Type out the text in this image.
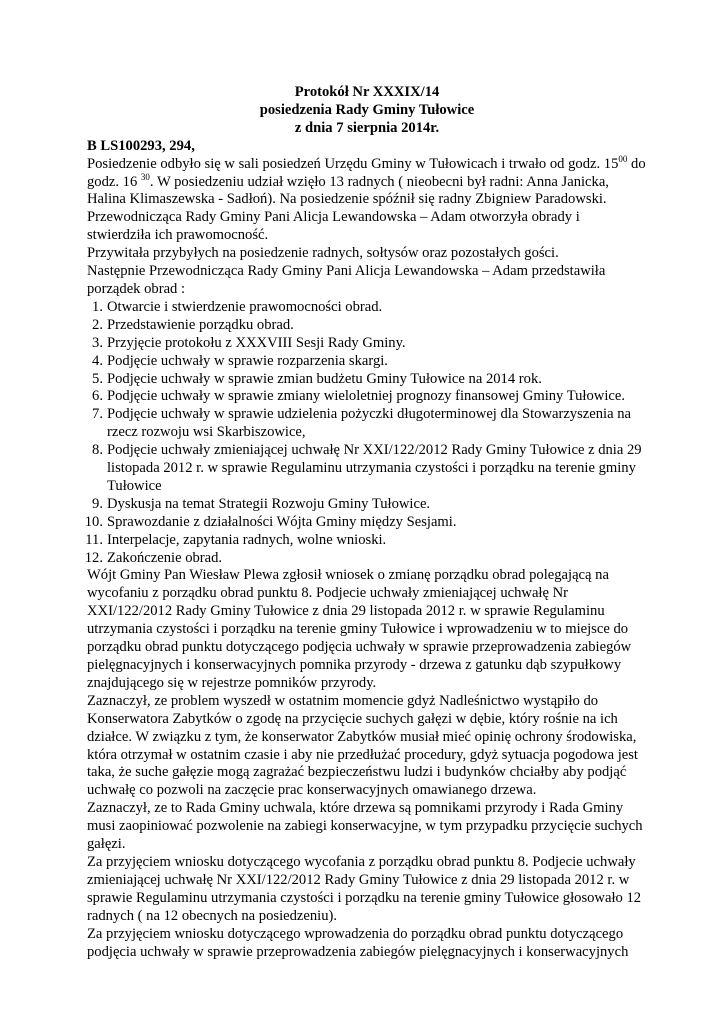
Protokół Nr XXXIX/14

posiedzenia Rady Gminy Tułowice

z dnia 7 sierpnia 2014r.

B LS100293, 294,

Posiedzenie odbyło się w sali posiedzeń Urzędu Gminy w Tułowicach i trwało od godz. $15^{00}$ do godz. 16 $^{30}$. W posiedzeniu udział wzięło 13 radnych ( nieobecni był radni: Anna Janicka, Halina Klimaszewska - Sadłoń). Na posiedzenie spóźnił się radny Zbigniew Paradowski. Przewodnicząca Rady Gminy Pani Alicja Lewandowska – Adam otworzyła obrady i stwierdziła ich prawomocność.

Przywitała przybyłych na posiedzenie radnych, sołtysów oraz pozostałych gości.

Następnie Przewodnicząca Rady Gminy Pani Alicja Lewandowska – Adam przedstawiła porządek obrad :

1. Otwarcie i stwierdzenie prawomocności obrad.
2. Przedstawienie porządku obrad.
3. Przyjęcie protokołu z XXXVIII Sesji Rady Gminy.
4. Podjęcie uchwały w sprawie rozparzenia skargi.
5. Podjęcie uchwały w sprawie zmian budżetu Gminy Tułowice na 2014 rok.
6. Podjęcie uchwały w sprawie zmiany wieloletniej prognozy finansowej Gminy Tułowice.
7. Podjęcie uchwały w sprawie udzielenia pożyczki długoterminowej dla Stowarzyszenia na rzecz rozwoju wsi Skarbiszowice,
8. Podjęcie uchwały zmieniającej uchwałę Nr XXI/122/2012 Rady Gminy Tułowice z dnia 29 listopada 2012 r. w sprawie Regulaminu utrzymania czystości i porządku na terenie gminy Tułowice
9. Dyskusja na temat Strategii Rozwoju Gminy Tułowice.
10. Sprawozdanie z działalności Wójta Gminy między Sesjami.
11. Interpelacje, zapytania radnych, wolne wnioski.
12. Zakończenie obrad.

Wójt Gminy Pan Wiesław Plewa zgłosił wniosek o zmianę porządku obrad polegającą na wycofaniu z porządku obrad punktu 8. Podjecie uchwały zmieniającej uchwałę Nr XXI/122/2012 Rady Gminy Tułowice z dnia 29 listopada 2012 r. w sprawie Regulaminu utrzymania czystości i porządku na terenie gminy Tułowice i wprowadzeniu w to miejsce do porządku obrad punktu dotyczącego podjęcia uchwały w sprawie przeprowadzenia zabiegów pielęgnacyjnych i konserwacyjnych pomnika przyrody - drzewa z gatunku dąb szypułkowy znajdującego się w rejestrze pomników przyrody.

Zaznaczył, ze problem wyszedł w ostatnim momencie gdyż Nadleśnictwo wystąpiło do Konserwatora Zabytków o zgodę na przycięcie suchych gałęzi w dębie, który rośnie na ich działce. W związku z tym, że konserwator Zabytków musiał mieć opinię ochrony środowiska, która otrzymał w ostatnim czasie i aby nie przedłużać procedury, gdyż sytuacja pogodowa jest taka, że suche gałęzie mogą zagrażać bezpieczeństwu ludzi i budynków chciałby aby podjąć uchwałę co pozwoli na zaczęcie prac konserwacyjnych omawianego drzewa.

Zaznaczył, ze to Rada Gminy uchwala, które drzewa są pomnikami przyrody i Rada Gminy musi zaopiniować pozwolenie na zabiegi konserwacyjne, w tym przypadku przycięcie suchych gałęzi.

Za przyjęciem wniosku dotyczącego wycofania z porządku obrad punktu 8. Podjecie uchwały zmieniającej uchwałę Nr XXI/122/2012 Rady Gminy Tułowice z dnia 29 listopada 2012 r. w sprawie Regulaminu utrzymania czystości i porządku na terenie gminy Tułowice głosowało 12 radnych ( na 12 obecnych na posiedzeniu).

Za przyjęciem wniosku dotyczącego wprowadzenia do porządku obrad punktu dotyczącego podjęcia uchwały w sprawie przeprowadzenia zabiegów pielęgnacyjnych i konserwacyjnych
